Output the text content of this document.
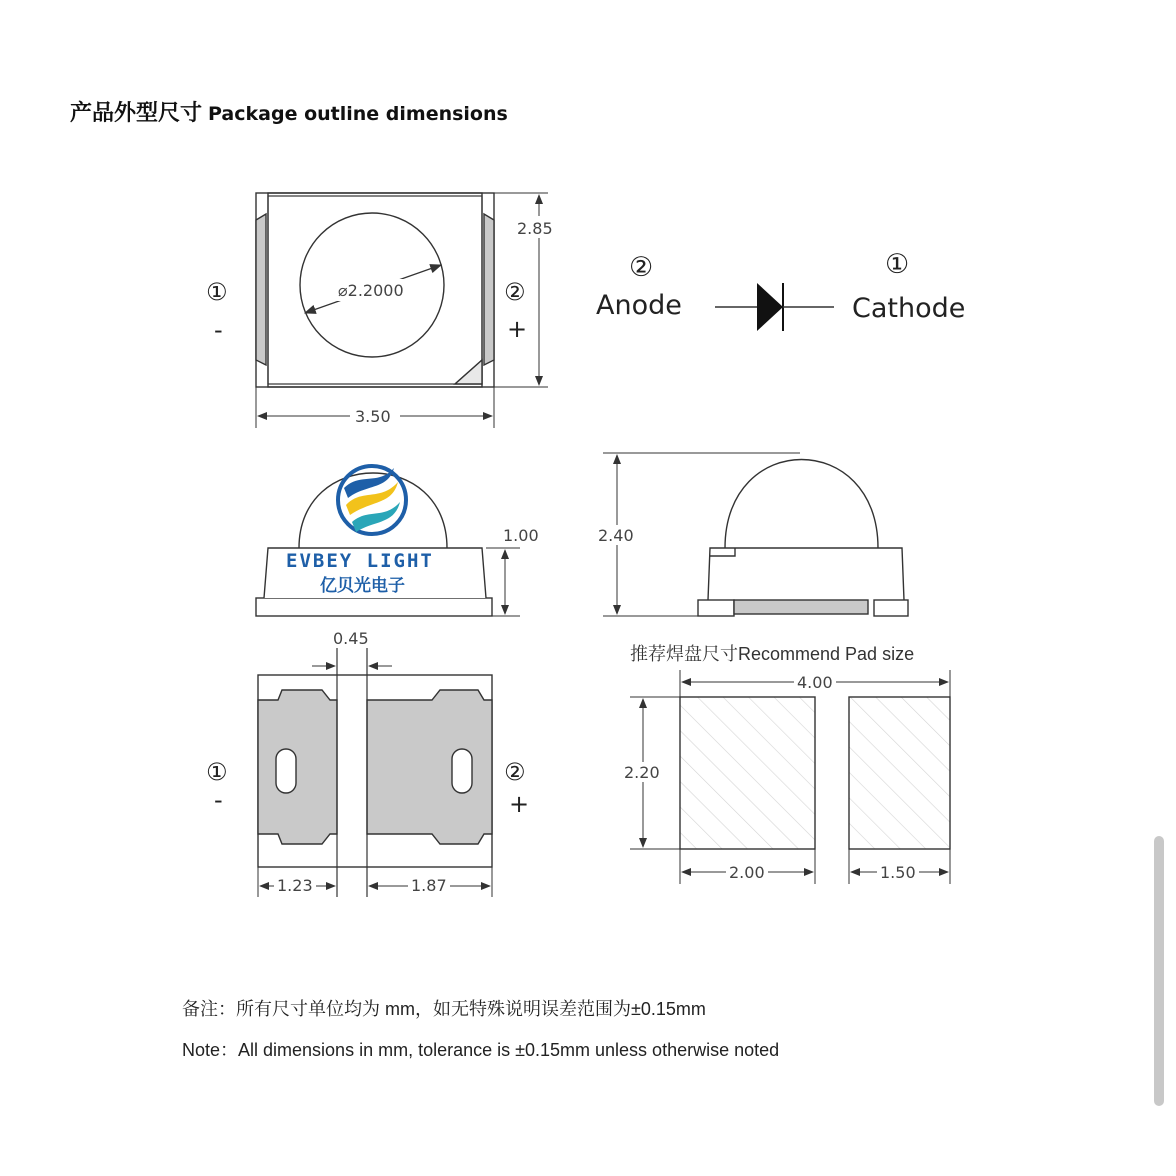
产品外型尺寸 Package outline dimensions
⌀2.2000
2.85
3.50
①
-
②
+
②
Anode
①
Cathode
1.00
EVBEY LIGHT
亿贝光电子
2.40
0.45
1.23	1.87
①
-
②
+
4.00
2.20
2.00	1.50
推荐焊盘尺寸Recommend Pad size
备注：所有尺寸单位均为 mm，如无特殊说明误差范围为±0.15mm
Note：All dimensions in mm, tolerance is ±0.15mm unless otherwise noted
